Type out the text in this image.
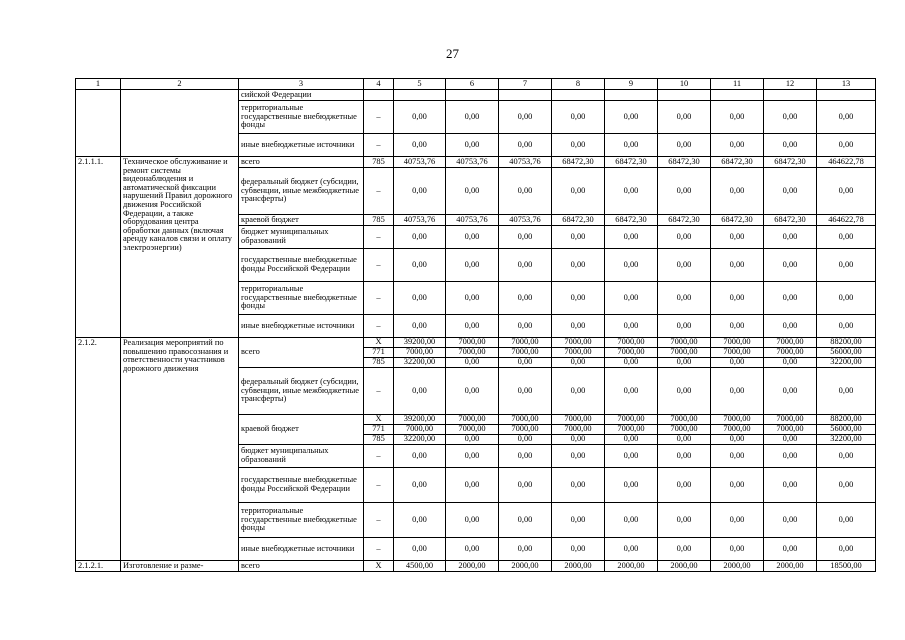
27
1	2	3	4	5	6	7	8	9	10	11	12	13
		сийской Федерации										
		территориальные государственные внебюджетные фонды	–	0,00	0,00	0,00	0,00	0,00	0,00	0,00	0,00	0,00
		иные внебюджетные источники	–	0,00	0,00	0,00	0,00	0,00	0,00	0,00	0,00	0,00
2.1.1.1.	Техническое обслуживание и ремонт системы видеонаблюдения и автоматической фиксации нарушений Правил дорожного движения Российской Федерации, а также оборудования центра обработки данных (включая аренду каналов связи и оплату электроэнергии)	всего	785	40753,76	40753,76	40753,76	68472,30	68472,30	68472,30	68472,30	68472,30	464622,78
		федеральный бюджет (субсидии, субвенции, иные межбюджетные трансферты)	–	0,00	0,00	0,00	0,00	0,00	0,00	0,00	0,00	0,00
		краевой бюджет	785	40753,76	40753,76	40753,76	68472,30	68472,30	68472,30	68472,30	68472,30	464622,78
		бюджет муниципальных образований	–	0,00	0,00	0,00	0,00	0,00	0,00	0,00	0,00	0,00
		государственные внебюджетные фонды Российской Федерации	–	0,00	0,00	0,00	0,00	0,00	0,00	0,00	0,00	0,00
		территориальные государственные внебюджетные фонды	–	0,00	0,00	0,00	0,00	0,00	0,00	0,00	0,00	0,00
		иные внебюджетные источники	–	0,00	0,00	0,00	0,00	0,00	0,00	0,00	0,00	0,00
2.1.2.	Реализация мероприятий по повышению правосознания и ответственности участников дорожного движения	всего	X	39200,00	7000,00	7000,00	7000,00	7000,00	7000,00	7000,00	7000,00	88200,00
			771	7000,00	7000,00	7000,00	7000,00	7000,00	7000,00	7000,00	7000,00	56000,00
			785	32200,00	0,00	0,00	0,00	0,00	0,00	0,00	0,00	32200,00
		федеральный бюджет (субсидии, субвенции, иные межбюджетные трансферты)	–	0,00	0,00	0,00	0,00	0,00	0,00	0,00	0,00	0,00
		краевой бюджет	X	39200,00	7000,00	7000,00	7000,00	7000,00	7000,00	7000,00	7000,00	88200,00
			771	7000,00	7000,00	7000,00	7000,00	7000,00	7000,00	7000,00	7000,00	56000,00
			785	32200,00	0,00	0,00	0,00	0,00	0,00	0,00	0,00	32200,00
		бюджет муниципальных образований	–	0,00	0,00	0,00	0,00	0,00	0,00	0,00	0,00	0,00
		государственные внебюджетные фонды Российской Федерации	–	0,00	0,00	0,00	0,00	0,00	0,00	0,00	0,00	0,00
		территориальные государственные внебюджетные фонды	–	0,00	0,00	0,00	0,00	0,00	0,00	0,00	0,00	0,00
		иные внебюджетные источники	–	0,00	0,00	0,00	0,00	0,00	0,00	0,00	0,00	0,00
2.1.2.1.	Изготовление и разме-	всего	X	4500,00	2000,00	2000,00	2000,00	2000,00	2000,00	2000,00	2000,00	18500,00
